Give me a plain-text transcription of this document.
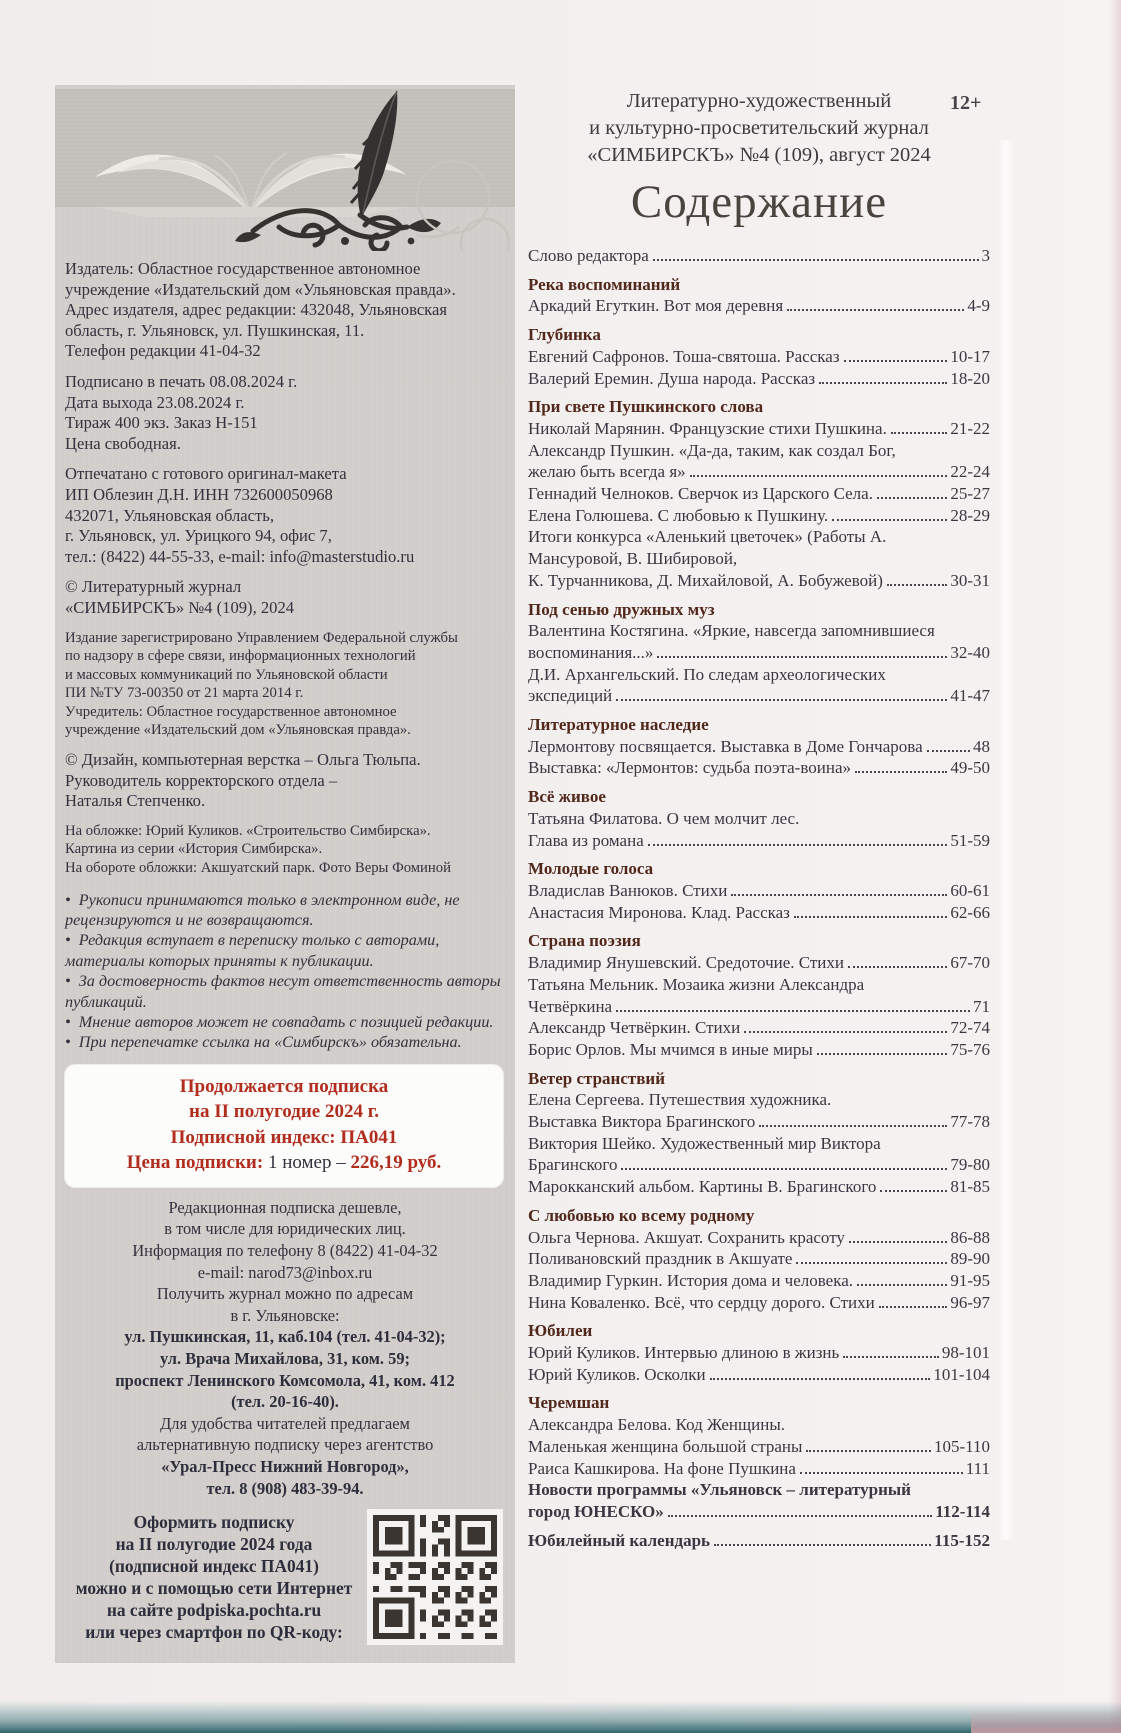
12+
Издатель: Областное государственное автономное
учреждение «Издательский дом «Ульяновская правда».
Адрес издателя, адрес редакции: 432048, Ульяновская
область, г. Ульяновск, ул. Пушкинская, 11.
Телефон редакции 41-04-32
Подписано в печать 08.08.2024 г.
Дата выхода 23.08.2024 г.
Тираж 400 экз. Заказ Н-151
Цена свободная.
Отпечатано с готового оригинал-макета
ИП Облезин Д.Н. ИНН 732600050968
432071, Ульяновская область,
г. Ульяновск, ул. Урицкого 94, офис 7,
тел.: (8422) 44-55-33, e-mail: info@masterstudio.ru
© Литературный журнал
«СИМБИРСКЪ» №4 (109), 2024
Издание зарегистрировано Управлением Федеральной службы
по надзору в сфере связи, информационных технологий
и массовых коммуникаций по Ульяновской области
ПИ №ТУ 73-00350 от 21 марта 2014 г.
Учредитель: Областное государственное автономное
учреждение «Издательский дом «Ульяновская правда».
© Дизайн, компьютерная верстка – Ольга Тюльпа.
Руководитель корректорского отдела –
Наталья Степченко.
На обложке: Юрий Куликов. «Строительство Симбирска».
Картина из серии «История Симбирска».
На обороте обложки: Акшуатский парк. Фото Веры Фоминой
• Рукописи принимаются только в электронном виде, не рецензируются и не возвращаются.
• Редакция вступает в переписку только с авторами, материалы которых приняты к публикации.
• За достоверность фактов несут ответственность авторы публикаций.
• Мнение авторов может не совпадать с позицией редакции.
• При перепечатке ссылка на «Симбирскъ» обязательна.
Продолжается подписка
на II полугодие 2024 г.
Подписной индекс: ПА041
Цена подписки: 1 номер – 226,19 руб.
Редакционная подписка дешевле,
в том числе для юридических лиц.
Информация по телефону 8 (8422) 41-04-32
e-mail: narod73@inbox.ru
Получить журнал можно по адресам
в г. Ульяновске:
ул. Пушкинская, 11, каб.104 (тел. 41-04-32);
ул. Врача Михайлова, 31, ком. 59;
проспект Ленинского Комсомола, 41, ком. 412
(тел. 20-16-40).
Для удобства читателей предлагаем
альтернативную подписку через агентство
«Урал-Пресс Нижний Новгород»,
тел. 8 (908) 483-39-94.
Оформить подписку
на II полугодие 2024 года
(подписной индекс ПА041)
можно и с помощью сети Интернет
на сайте podpiska.pochta.ru
или через смартфон по QR-коду:
Литературно-художественный
и культурно-просветительский журнал
«СИМБИРСКЪ» №4 (109), август 2024
Содержание
Слово редактора	3
Река воспоминаний
Аркадий Егуткин. Вот моя деревня	4-9
Глубинка
Евгений Сафронов. Тоша-святоша. Рассказ	10-17
Валерий Еремин. Душа народа. Рассказ	18-20
При свете Пушкинского слова
Николай Марянин. Французские стихи Пушкина.	21-22
Александр Пушкин. «Да-да, таким, как создал Бог,
желаю быть всегда я»	22-24
Геннадий Челноков. Сверчок из Царского Села.	25-27
Елена Голюшева. С любовью к Пушкину.	28-29
Итоги конкурса «Аленький цветочек» (Работы А.
Мансуровой, В. Шибировой,
К. Турчанникова, Д. Михайловой, А. Бобужевой)	30-31
Под сенью дружных муз
Валентина Костягина. «Яркие, навсегда запомнившиеся
воспоминания...»	32-40
Д.И. Архангельский. По следам археологических
экспедиций	41-47
Литературное наследие
Лермонтову посвящается. Выставка в Доме Гончарова	48
Выставка: «Лермонтов: судьба поэта-воина»	49-50
Всё живое
Татьяна Филатова. О чем молчит лес.
Глава из романа	51-59
Молодые голоса
Владислав Ванюков. Стихи	60-61
Анастасия Миронова. Клад. Рассказ	62-66
Страна поэзия
Владимир Янушевский. Средоточие. Стихи	67-70
Татьяна Мельник. Мозаика жизни Александра
Четвёркина	71
Александр Четвёркин. Стихи	72-74
Борис Орлов. Мы мчимся в иные миры	75-76
Ветер странствий
Елена Сергеева. Путешествия художника.
Выставка Виктора Брагинского	77-78
Виктория Шейко. Художественный мир Виктора
Брагинского	79-80
Марокканский альбом. Картины В. Брагинского	81-85
С любовью ко всему родному
Ольга Чернова. Акшуат. Сохранить красоту	86-88
Поливановский праздник в Акшуате	89-90
Владимир Гуркин. История дома и человека.	91-95
Нина Коваленко. Всё, что сердцу дорого. Стихи	96-97
Юбилеи
Юрий Куликов. Интервью длиною в жизнь	98-101
Юрий Куликов. Осколки	101-104
Черемшан
Александра Белова. Код Женщины.
Маленькая женщина большой страны	105-110
Раиса Кашкирова. На фоне Пушкина	111
Новости программы «Ульяновск – литературный
город ЮНЕСКО»	112-114
Юбилейный календарь	115-152
